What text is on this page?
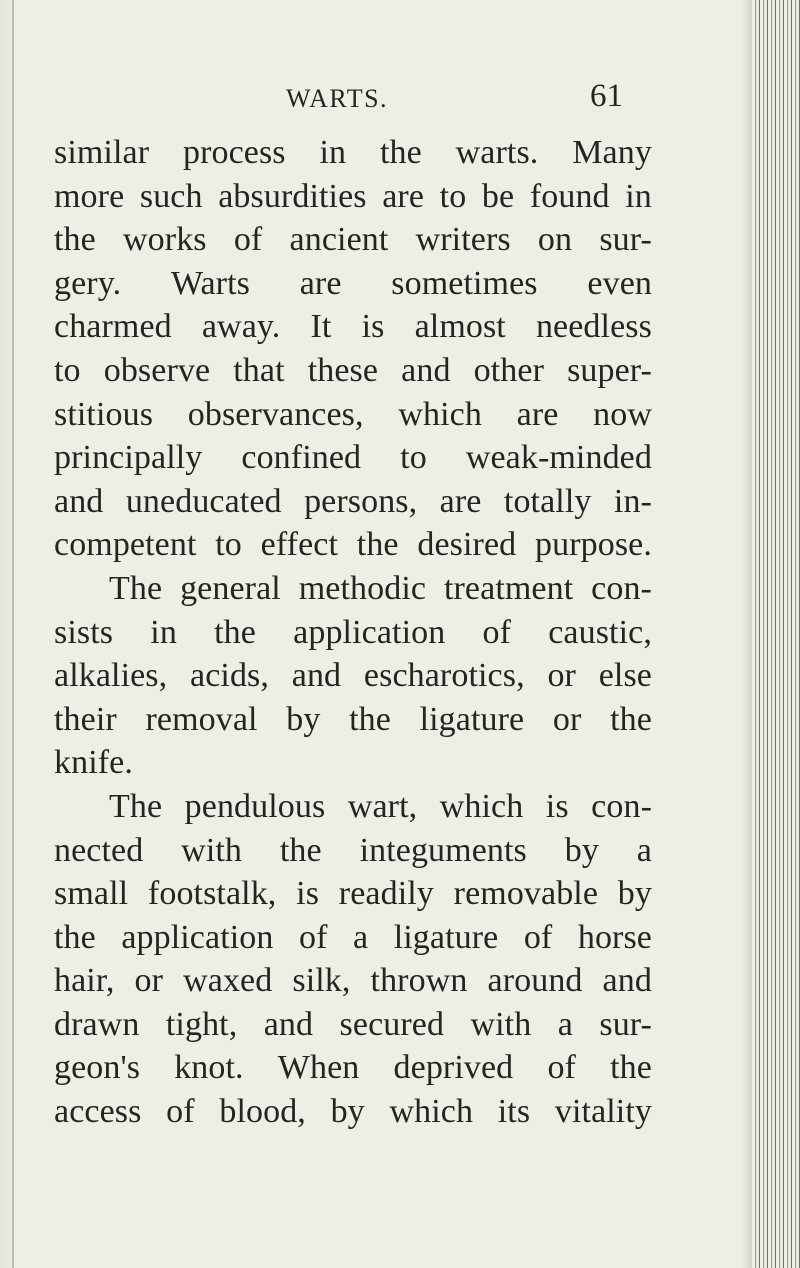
WARTS.	61
similar process in the warts. Many
more such absurdities are to be found in
the works of ancient writers on sur-
gery. Warts are sometimes even
charmed away. It is almost needless
to observe that these and other super-
stitious observances, which are now
principally confined to weak-minded
and uneducated persons, are totally in-
competent to effect the desired purpose.
The general methodic treatment con-
sists in the application of caustic,
alkalies, acids, and escharotics, or else
their removal by the ligature or the
knife.
The pendulous wart, which is con-
nected with the integuments by a
small footstalk, is readily removable by
the application of a ligature of horse
hair, or waxed silk, thrown around and
drawn tight, and secured with a sur-
geon's knot. When deprived of the
access of blood, by which its vitality
